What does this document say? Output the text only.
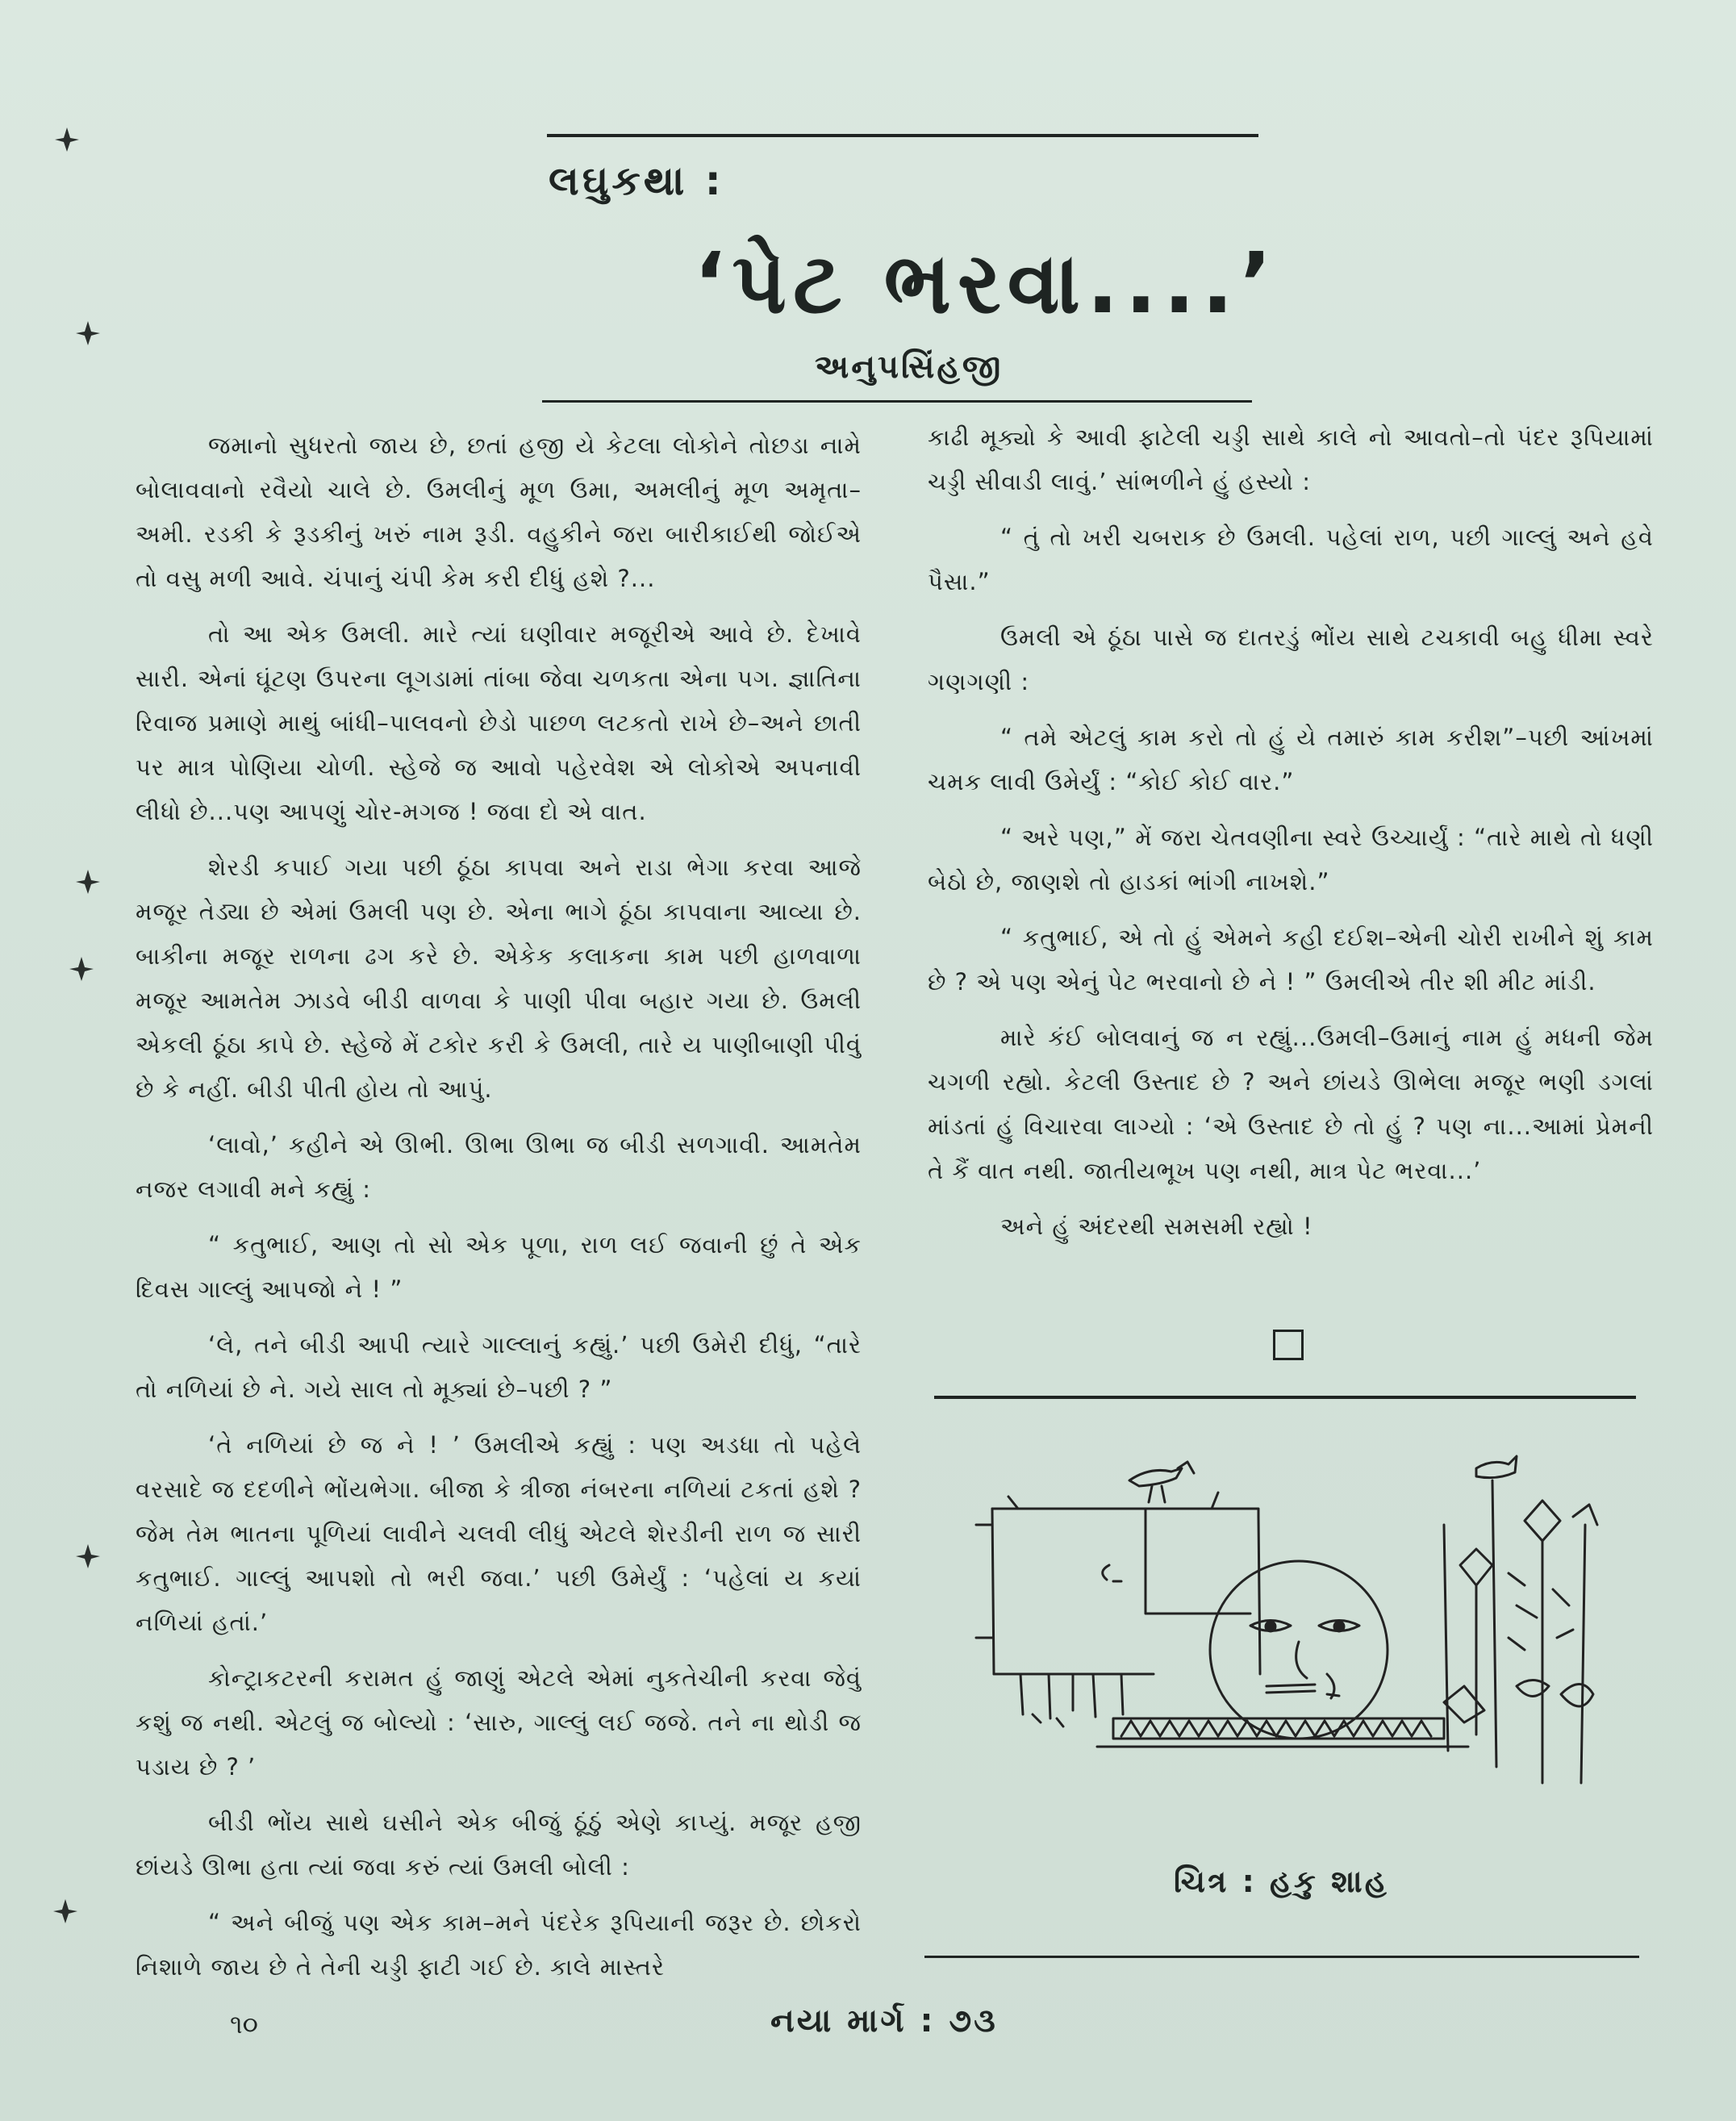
લઘુકથા :
‘પેટ ભરવા....’
અનુપસિંહજી

જમાનો સુધરતો જાય છે, છતાં હજી યે કેટલા લોકોને તોછડા નામે બોલાવવાનો રવૈયો ચાલે છે. ઉમલીનું મૂળ ઉમા, અમલીનું મૂળ અમૃતા–અમી. રડકી કે રૂડકીનું ખરું નામ રૂડી. વહુકીને જરા બારીકાઈથી જોઈએ તો વસુ મળી આવે. ચંપાનું ચંપી કેમ કરી દીધું હશે ?...

તો આ એક ઉમલી. મારે ત્યાં ઘણીવાર મજૂરીએ આવે છે. દેખાવે સારી. એનાં ઘૂંટણ ઉપરના લૂગડામાં તાંબા જેવા ચળકતા એના પગ. જ્ઞાતિના રિવાજ પ્રમાણે માથું બાંધી–પાલવનો છેડો પાછળ લટકતો રાખે છે–અને છાતી પર માત્ર પોણિયા ચોળી. સ્હેજે જ આવો પહેરવેશ એ લોકોએ અપનાવી લીધો છે...પણ આપણું ચોર-મગજ ! જવા દો એ વાત.

શેરડી કપાઈ ગયા પછી ઠૂંઠા કાપવા અને રાડા ભેગા કરવા આજે મજૂર તેડ્યા છે એમાં ઉમલી પણ છે. એના ભાગે ઠૂંઠા કાપવાના આવ્યા છે. બાકીના મજૂર રાળના ઢગ કરે છે. એકેક કલાકના કામ પછી હાળવાળા મજૂર આમતેમ ઝાડવે બીડી વાળવા કે પાણી પીવા બહાર ગયા છે. ઉમલી એકલી ઠૂંઠા કાપે છે. સ્હેજે મેં ટકોર કરી કે ઉમલી, તારે ય પાણીબાણી પીવું છે કે નહીં. બીડી પીતી હોય તો આપું.

‘લાવો,’ કહીને એ ઊભી. ઊભા ઊભા જ બીડી સળગાવી. આમતેમ નજર લગાવી મને કહ્યું :

“ કતુભાઈ, આણ તો સો એક પૂળા, રાળ લઈ જવાની છું તે એક દિવસ ગાલ્લું આપજો ને ! ”

‘લે, તને બીડી આપી ત્યારે ગાલ્લાનું કહ્યું.’ પછી ઉમેરી દીધું, “તારે તો નળિયાં છે ને. ગયે સાલ તો મૂક્યાં છે–પછી ? ”

‘તે નળિયાં છે જ ને ! ’ ઉમલીએ કહ્યું : પણ અડધા તો પહેલે વરસાદે જ દદળીને ભોંયભેગા. બીજા કે ત્રીજા નંબરના નળિયાં ટકતાં હશે ? જેમ તેમ ભાતના પૂળિયાં લાવીને ચલવી લીધું એટલે શેરડીની રાળ જ સારી કતુભાઈ. ગાલ્લું આપશો તો ભરી જવા.’ પછી ઉમેર્યું : ‘પહેલાં ય કયાં નળિયાં હતાં.’

કોન્ટ્રાકટરની કરામત હું જાણું એટલે એમાં નુકતેચીની કરવા જેવું કશું જ નથી. એટલું જ બોલ્યો : ‘સારુ, ગાલ્લું લઈ જજે. તને ના થોડી જ પડાય છે ? ’

બીડી ભોંય સાથે ઘસીને એક બીજું ઠૂંઠું એણે કાપ્યું. મજૂર હજી છાંયડે ઊભા હતા ત્યાં જવા કરું ત્યાં ઉમલી બોલી :

“ અને બીજું પણ એક કામ–મને પંદરેક રૂપિયાની જરૂર છે. છોકરો નિશાળે જાય છે તે તેની ચડ્ડી ફાટી ગઈ છે. કાલે માસ્તરે

કાઢી મૂક્યો કે આવી ફાટેલી ચડ્ડી સાથે કાલે નો આવતો–તો પંદર રૂપિયામાં ચડ્ડી સીવાડી લાવું.’ સાંભળીને હું હસ્યો :

“ તું તો ખરી ચબરાક છે ઉમલી. પહેલાં રાળ, પછી ગાલ્લું અને હવે પૈસા.”

ઉમલી એ ઠૂંઠા પાસે જ દાતરડું ભોંય સાથે ટચકાવી બહુ ધીમા સ્વરે ગણગણી :

“ તમે એટલું કામ કરો તો હું યે તમારું કામ કરીશ”–પછી આંખમાં ચમક લાવી ઉમેર્યું : “કોઈ કોઈ વાર.”

“ અરે પણ,” મેં જરા ચેતવણીના સ્વરે ઉચ્ચાર્યું : “તારે માથે તો ધણી બેઠો છે, જાણશે તો હાડકાં ભાંગી નાખશે.”

“ કતુભાઈ, એ તો હું એમને કહી દઈશ–એની ચોરી રાખીને શું કામ છે ? એ પણ એનું પેટ ભરવાનો છે ને ! ” ઉમલીએ તીર શી મીટ માંડી.

મારે કંઈ બોલવાનું જ ન રહ્યું...ઉમલી–ઉમાનું નામ હું મધની જેમ ચગળી રહ્યો. કેટલી ઉસ્તાદ છે ? અને છાંયડે ઊભેલા મજૂર ભણી ડગલાં માંડતાં હું વિચારવા લાગ્યો : ‘એ ઉસ્તાદ છે તો હું ? પણ ના...આમાં પ્રેમની તે કૈં વાત નથી. જાતીયભૂખ પણ નથી, માત્ર પેટ ભરવા...’

અને હું અંદરથી સમસમી રહ્યો !

ચિત્ર : હકુ શાહ
૧૦	નયા માર્ગ : ૭૩
